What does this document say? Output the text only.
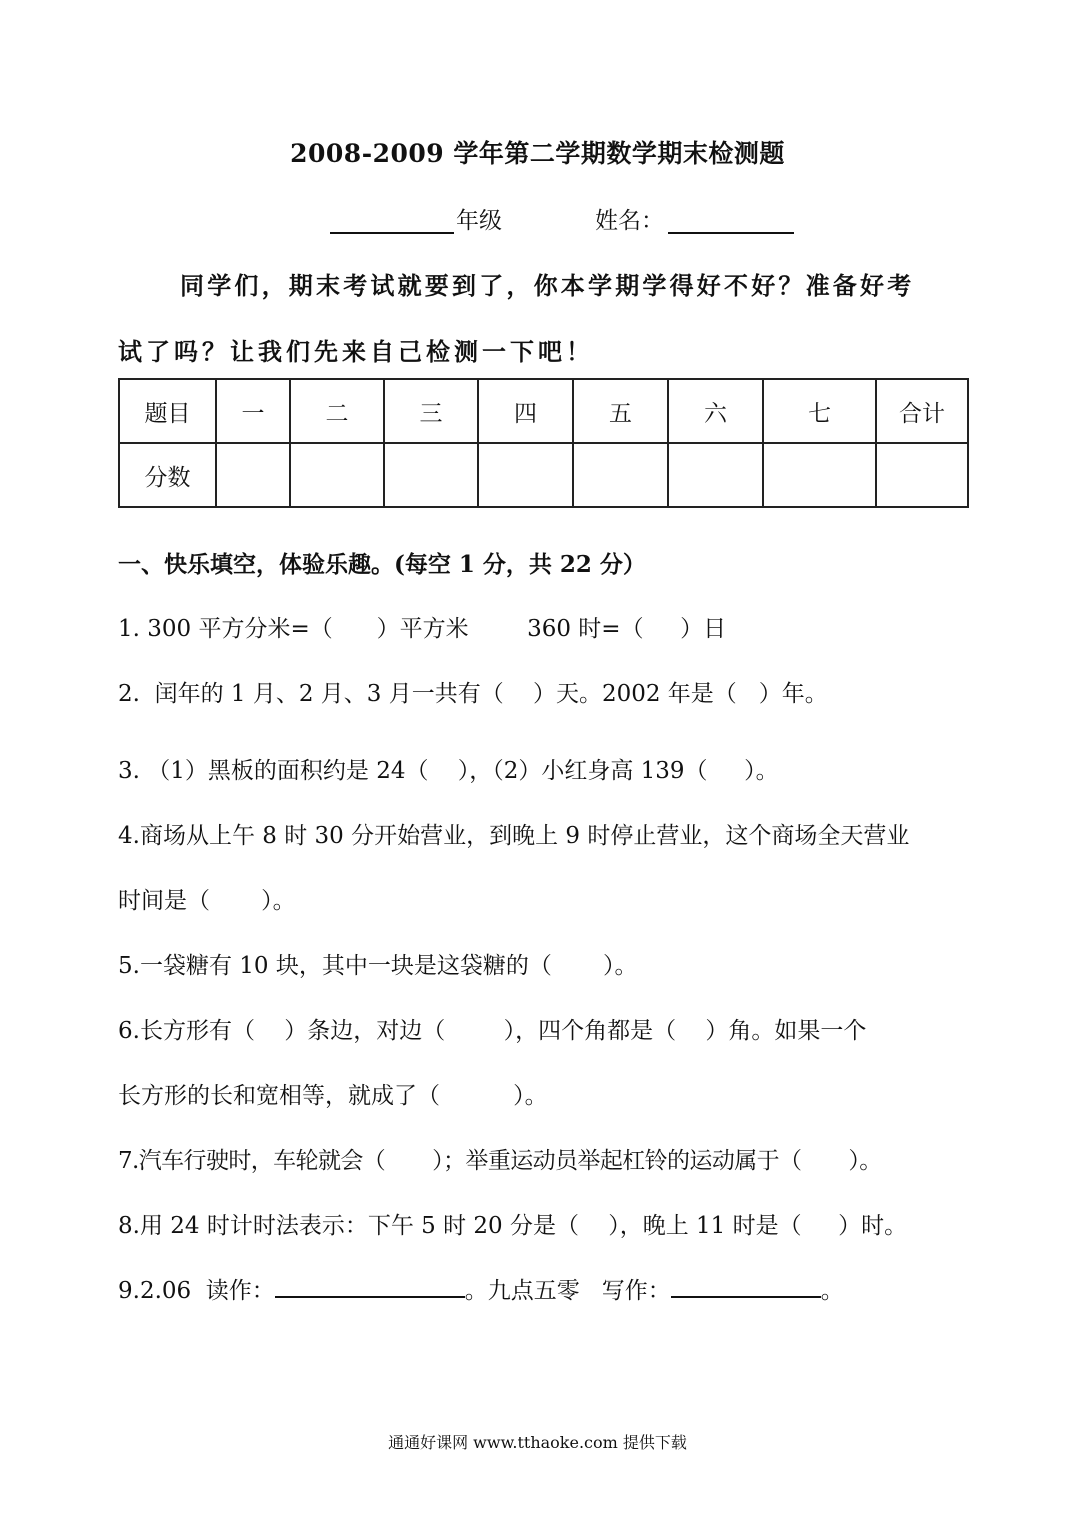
2008-2009 学年第二学期数学期末检测题
年级	姓名：
同学们，期末考试就要到了，你本学期学得好不好？准备好考
试了吗？让我们先来自己检测一下吧！
题目	一	二	三	四	五	六	七	合计
分数								
一、快乐填空，体验乐趣。(每空 1 分，共 22 分）
1. 300 平方分米=（      ）平方米        360 时=（     ）日
2.  闰年的 1 月、2 月、3 月一共有（    ）天。2002 年是（   ）年。
3. （1）黑板的面积约是 24（    ），（2）小红身高 139（     ）。
4.商场从上午 8 时 30 分开始营业，到晚上 9 时停止营业，这个商场全天营业
时间是（       ）。
5.一袋糖有 10 块，其中一块是这袋糖的（       ）。
6.长方形有（    ）条边，对边（        ），四个角都是（    ）角。如果一个
长方形的长和宽相等，就成了（          ）。
7.汽车行驶时，车轮就会（       ）；举重运动员举起杠铃的运动属于（       ）。
8.用 24 时计时法表示：下午 5 时 20 分是（    ），晚上 11 时是（     ）时。
9.2.06  读作：	。九点五零   写作：	。
通通好课网 www.tthaoke.com 提供下载
